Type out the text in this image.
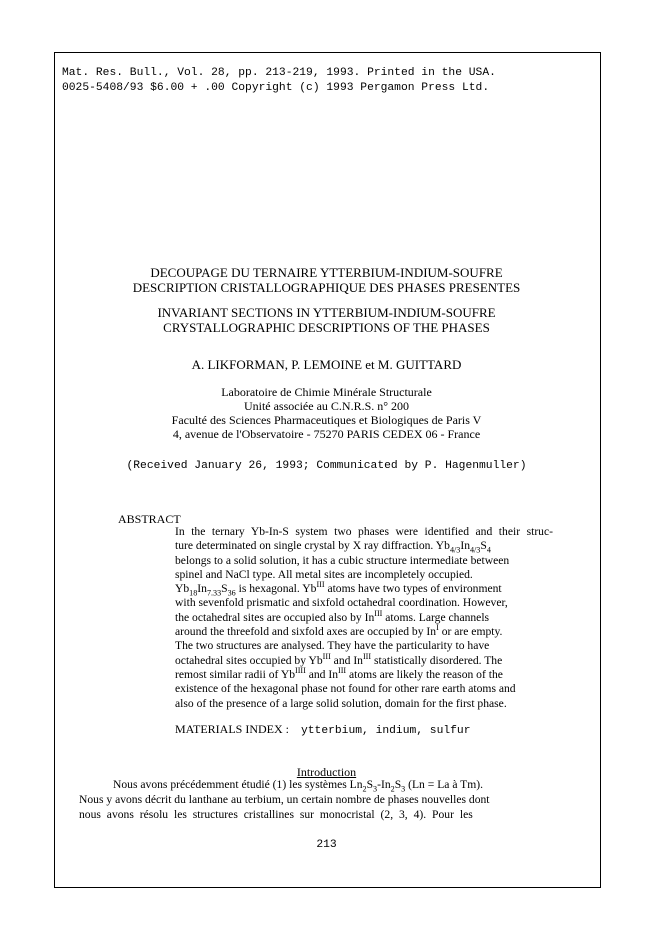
Mat. Res. Bull., Vol. 28, pp. 213-219, 1993. Printed in the USA.
0025-5408/93 $6.00 + .00 Copyright (c) 1993 Pergamon Press Ltd.
DECOUPAGE DU TERNAIRE YTTERBIUM-INDIUM-SOUFRE
DESCRIPTION CRISTALLOGRAPHIQUE DES PHASES PRESENTES
INVARIANT SECTIONS IN YTTERBIUM-INDIUM-SOUFRE
CRYSTALLOGRAPHIC DESCRIPTIONS OF THE PHASES
A. LIKFORMAN, P. LEMOINE et M. GUITTARD
Laboratoire de Chimie Minérale Structurale
Unité associée au C.N.R.S. n° 200
Faculté des Sciences Pharmaceutiques et Biologiques de Paris V
4, avenue de l'Observatoire - 75270 PARIS CEDEX 06 - France
(Received January 26, 1993; Communicated by P. Hagenmuller)
ABSTRACT
In the ternary Yb-In-S system two phases were identified and their struc-
ture determinated on single crystal by X ray diffraction. $Yb_{4/3}In_{4/3}S_4$
belongs to a solid solution, it has a cubic structure intermediate between
spinel and NaCl type. All metal sites are incompletely occupied.
$Yb_{18}In_{7.33}S_{36}$ is hexagonal. $Yb^{III}$ atoms have two types of environment
with sevenfold prismatic and sixfold octahedral coordination. However,
the octahedral sites are occupied also by $In^{III}$ atoms. Large channels
around the threefold and sixfold axes are occupied by $In^I$ or are empty.
The two structures are analysed. They have the particularity to have
octahedral sites occupied by $Yb^{III}$ and $In^{III}$ statistically disordered. The
remost similar radii of $Yb^{IIII}$ and $In^{III}$ atoms are likely the reason of the
existence of the hexagonal phase not found for other rare earth atoms and
also of the presence of a large solid solution, domain for the first phase.
MATERIALS INDEX : ytterbium, indium, sulfur
Introduction
Nous avons précédemment étudié (1) les systèmes $Ln_2S_3-In_2S_3$ (Ln = La à Tm).
Nous y avons décrit du lanthane au terbium, un certain nombre de phases nouvelles dont
nous avons résolu les structures cristallines sur monocristal (2, 3, 4). Pour les
213
